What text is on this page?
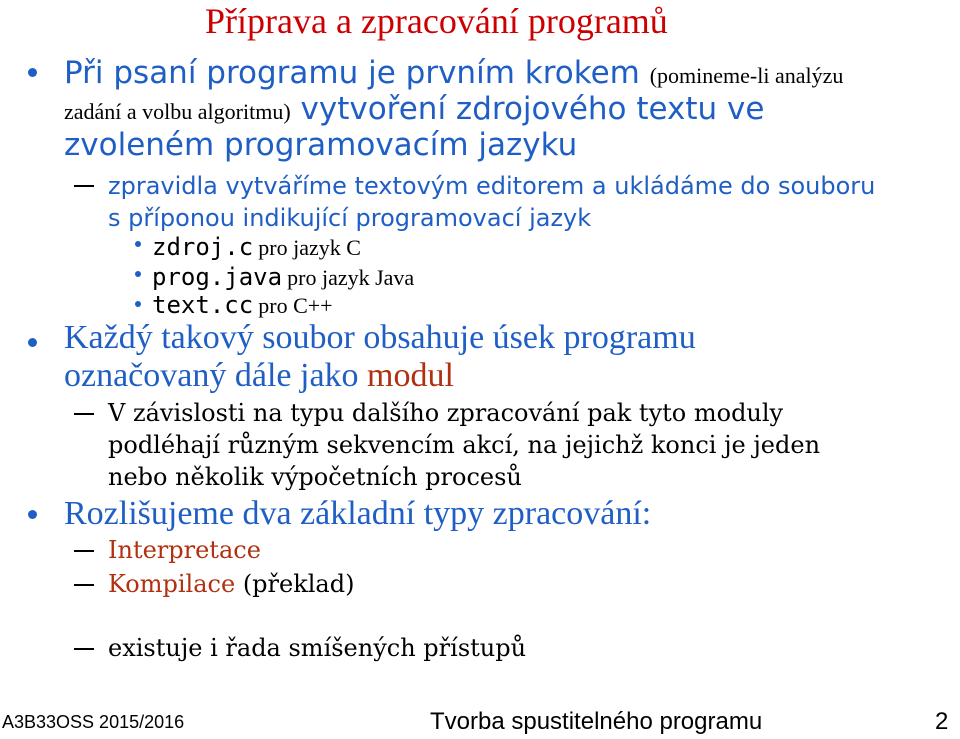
Příprava a zpracování programů
Při psaní programu je prvním krokem (pomineme-li analýzu
zadání a volbu algoritmu) vytvoření zdrojového textu ve
zvoleném programovacím jazyku
zpravidla vytváříme textovým editorem a ukládáme do souboru
s příponou indikující programovací jazyk
zdroj.c pro jazyk C
prog.java pro jazyk Java
text.cc pro C++
Každý takový soubor obsahuje úsek programu
označovaný dále jako modul
V závislosti na typu dalšího zpracování pak tyto moduly
podléhají různým sekvencím akcí, na jejichž konci je jeden
nebo několik výpočetních procesů
Rozlišujeme dva základní typy zpracování:
Interpretace
Kompilace (překlad)
existuje i řada smíšených přístupů
A3B33OSS 2015/2016	Tvorba spustitelného programu	2
